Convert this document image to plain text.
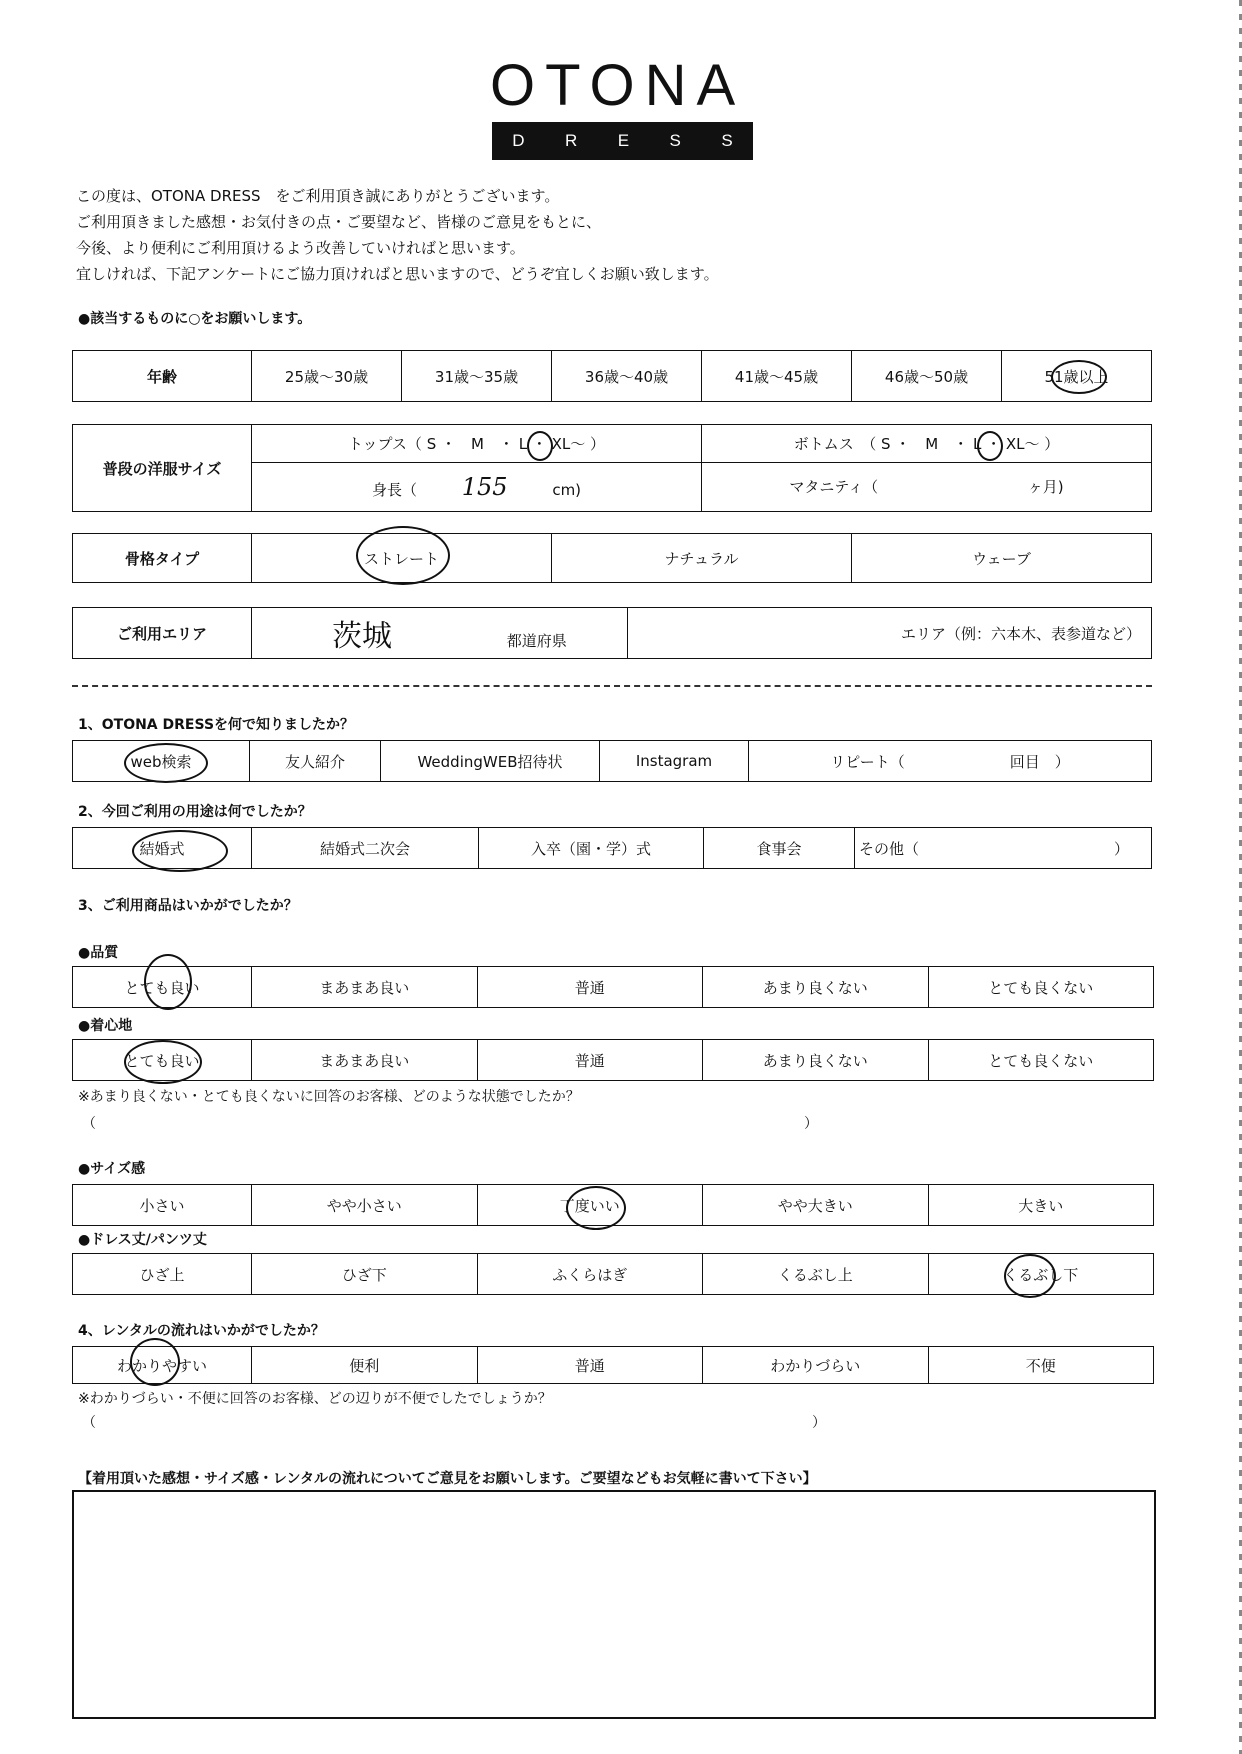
OTONA
D R E S S
この度は、OTONA DRESS　をご利用頂き誠にありがとうございます。
ご利用頂きました感想・お気付きの点・ご要望など、皆様のご意見をもとに、
今後、より便利にご利用頂けるよう改善していければと思います。
宜しければ、下記アンケートにご協力頂ければと思いますので、どうぞ宜しくお願い致します。
●該当するものに○をお願いします。
年齢	25歳～30歳	31歳～35歳	36歳～40歳	41歳～45歳	46歳～50歳	51歳以上
普段の洋服サイズ	トップス（ S ・　M　・ L ・ XL～ ）	ボトムス　（ S ・　M　・ L ・ XL～ ）
	身長（ 155 cm)	マタニティ（ ヶ月)
骨格タイプ	ストレート	ナチュラル	ウェーブ
ご利用エリア	茨城	都道府県	エリア（例：六本木、表参道など）
1、OTONA DRESSを何で知りましたか？
web検索	友人紹介	WeddingWEB招待状	Instagram	リピート（　　　　　　　回目　）
2、今回ご利用の用途は何でしたか？
結婚式	結婚式二次会	入卒（園・学）式	食事会	その他（　　　　　　　　　　　　　）
3、ご利用商品はいかがでしたか？
●品質
とても良い	まあまあ良い	普通	あまり良くない	とても良くない
●着心地
とても良い	まあまあ良い	普通	あまり良くない	とても良くない
※あまり良くない・とても良くないに回答のお客様、どのような状態でしたか？
（	）
●サイズ感
小さい	やや小さい	丁度いい	やや大きい	大きい
●ドレス丈/パンツ丈
ひざ上	ひざ下	ふくらはぎ	くるぶし上	くるぶし下
4、レンタルの流れはいかがでしたか？
わかりやすい	便利	普通	わかりづらい	不便
※わかりづらい・不便に回答のお客様、どの辺りが不便でしたでしょうか？
（	）
【着用頂いた感想・サイズ感・レンタルの流れについてご意見をお願いします。ご要望などもお気軽に書いて下さい】
